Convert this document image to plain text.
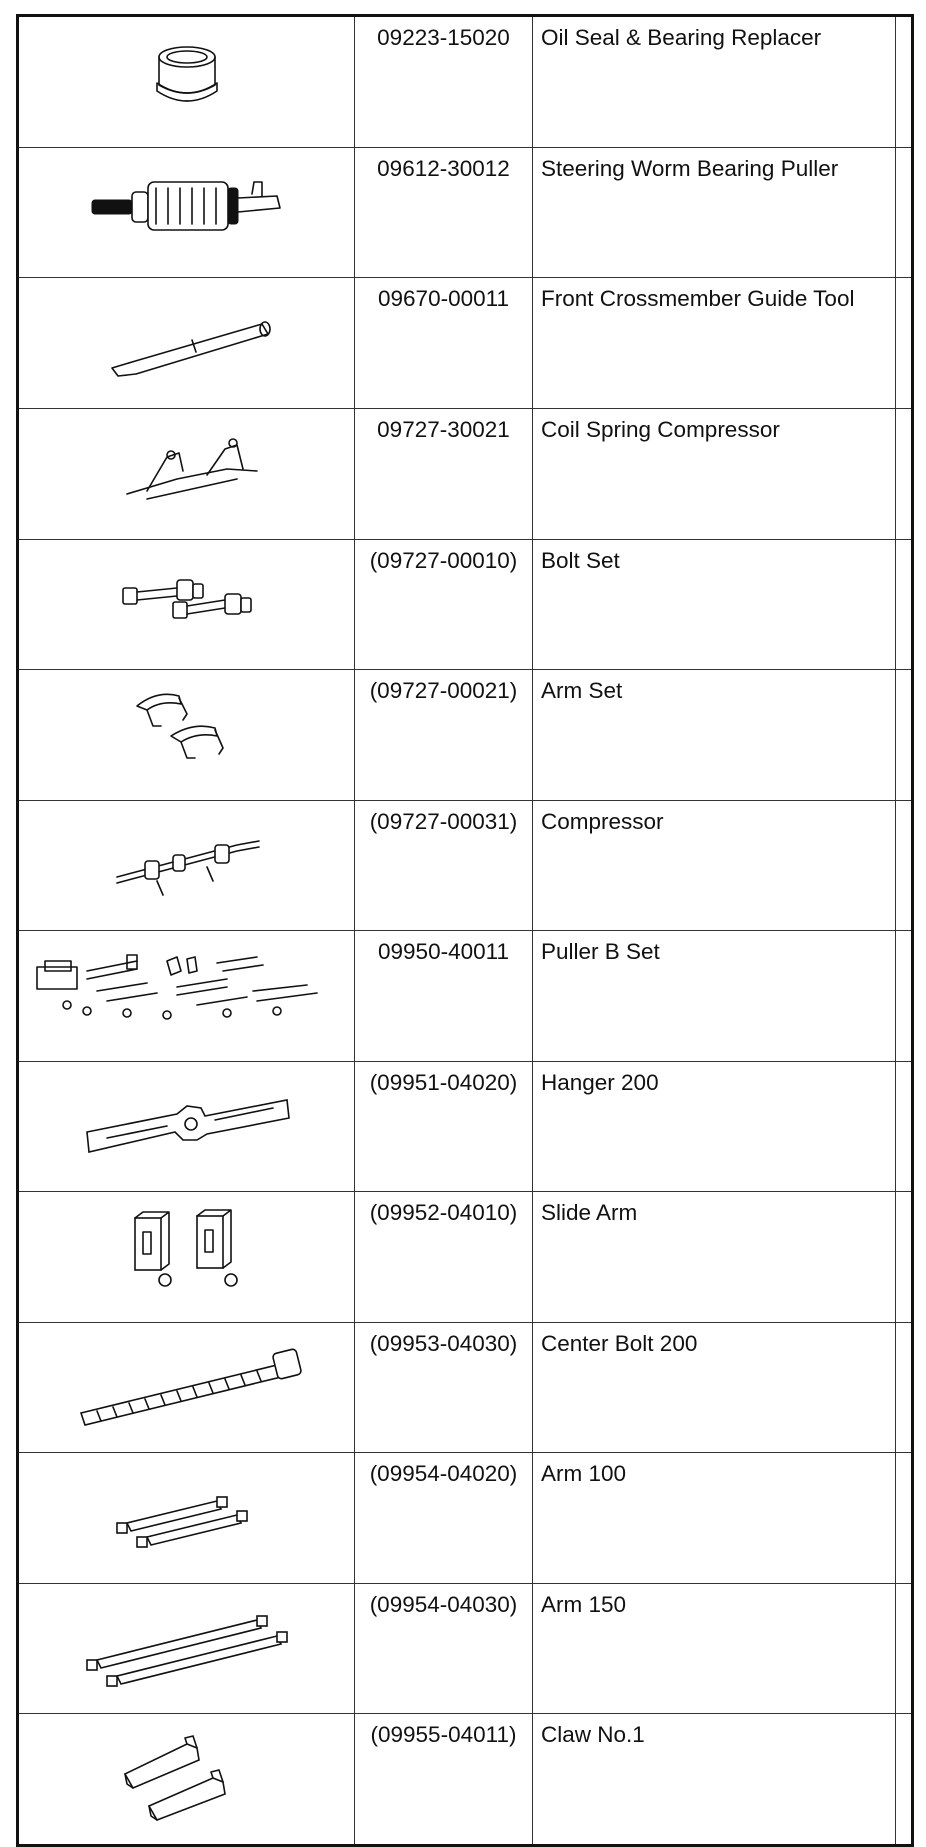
	09223-15020	Oil Seal & Bearing Replacer	

	09612-30012	Steering Worm Bearing Puller	

	09670-00011	Front Crossmember Guide Tool	

	09727-30021	Coil Spring Compressor	

	(09727-00010)	Bolt Set	

	(09727-00021)	Arm Set	

	(09727-00031)	Compressor	

	09950-40011	Puller B Set	

	(09951-04020)	Hanger 200	

	(09952-04010)	Slide Arm	

	(09953-04030)	Center Bolt 200	

	(09954-04020)	Arm 100	

	(09954-04030)	Arm 150	

	(09955-04011)	Claw No.1	
